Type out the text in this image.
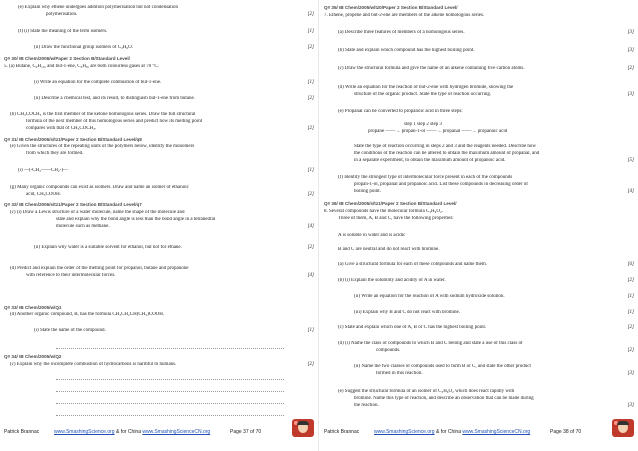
(e) Explain why ethene undergoes addition polymerisation but not condensation
polymerisation.	[2]
(f) (i) State the meaning of the term isomers.	[1]
(ii) Draw the functional group isomers of C₂H₆O.	[2]
Q# 30/ IB Chem/2006/w/Paper 2 Section B/Standard Level/
5. (a) Butane, C₄H₁₀, and but-1-ene, C₄H₈, are both colourless gases at 70 °C.
(i) Write an equation for the complete combustion of but-1-ene.	[1]
(ii) Describe a chemical test, and its result, to distinguish but-1-ene from butane.	[2]
(b) CH₃COCH₃ is the first member of the ketone homologous series. Draw the full structural
formula of the next member of this homologous series and predict how its melting point
compares with that of CH₃COCH₃.	[2]
Q# 31/ IB Chem/2006/s/tz1/Paper 2 Section B/Standard Level/q8
(e) Given the structures of the repeating units of the polymers below, identify the monomers
from which they are formed.
(i) —(-CH₂——CH₂-)—	[1]
(g) Many organic compounds can exist as isomers. Draw and name an isomer of ethanoic
acid, CH₃COOH.	[2]
Q# 32/ IB Chem/2006/s/tz1/Paper 2 Section B/Standard Level/q7
(c) (i) Draw a Lewis structure of a water molecule, name the shape of the molecule and
state and explain why the bond angle is less than the bond angle in a tetrahedral
molecule such as methane.	[4]
(ii) Explain why water is a suitable solvent for ethanol, but not for ethane.	[2]
(d) Predict and explain the order of the melting point for propanol, butane and propanone
with reference to their intermolecular forces.	[4]
Q# 33/ IB Chem/2005/w/Q1
(d) Another organic compound, B, has the formula CH₃CH₂CH(CH₃)COOH.
(i) State the name of the compound.	[1]
Q# 34/ IB Chem/2005/w/Q2
(c) Explain why the incomplete combustion of hydrocarbons is harmful to humans.	[2]
Patrick Brannac	www.SmashingScience.org & for China www.SmashingScienceCN.org	Page 37 of 70
Q# 35/ IB Chem/2005/w/tz0/Paper 2 Section B/Standard Level/
7. Ethene, propene and but-2-ene are members of the alkene homologous series.
(a) Describe three features of members of a homologous series.	[3]
(b) State and explain which compound has the highest boiling point.	[3]
(c) Draw the structural formula and give the name of an alkene containing five carbon atoms.	[2]
(d) Write an equation for the reaction of but-2-ene with hydrogen bromide, showing the
structure of the organic product. State the type of reaction occurring.	[3]
(e) Propanal can be converted to propanoic acid in three steps:
step 1 step 2 step 3
propane ——→ propan-1-ol ——→ propanal ——→ propanoic acid
State the type of reaction occurring in steps 2 and 3 and the reagents needed. Describe how
the conditions of the reaction can be altered to obtain the maximum amount of propanal, and
in a separate experiment, to obtain the maximum amount of propanoic acid.	[5]
(f) Identify the strongest type of intermolecular force present in each of the compounds
propan-1-ol, propanal and propanoic acid. List these compounds in decreasing order of
boiling point.	[4]
Q# 36/ IB Chem/2005/s/tz1/Paper 2 Section B/Standard Level/
8. Several compounds have the molecular formula C₃H₆O₂.
Three of them, A, B and C, have the following properties:
A is soluble in water and is acidic
B and C are neutral and do not react with bromine.
(a) Give a structural formula for each of these compounds and name them.	[6]
(b) (i) Explain the solubility and acidity of A in water.	[2]
(ii) Write an equation for the reaction of A with sodium hydroxide solution.	[1]
(iii) Explain why B and C do not react with bromine.	[1]
(c) State and explain which one of A, B or C has the highest boiling point.	[2]
(d) (i) Name the class of compounds to which B and C belong and state a use of this class of
compounds.	[2]
(ii) Name the two classes of compounds used to form B or C, and state the other product
formed in this reaction.	[3]
(e) Suggest the structural formula of an isomer of C₃H₆O₂ which does react rapidly with
bromine. Name this type of reaction, and describe an observation that can be made during
the reaction.	[3]
Patrick Brannac	www.SmashingScience.org & for China www.SmashingScienceCN.org	Page 38 of 70
